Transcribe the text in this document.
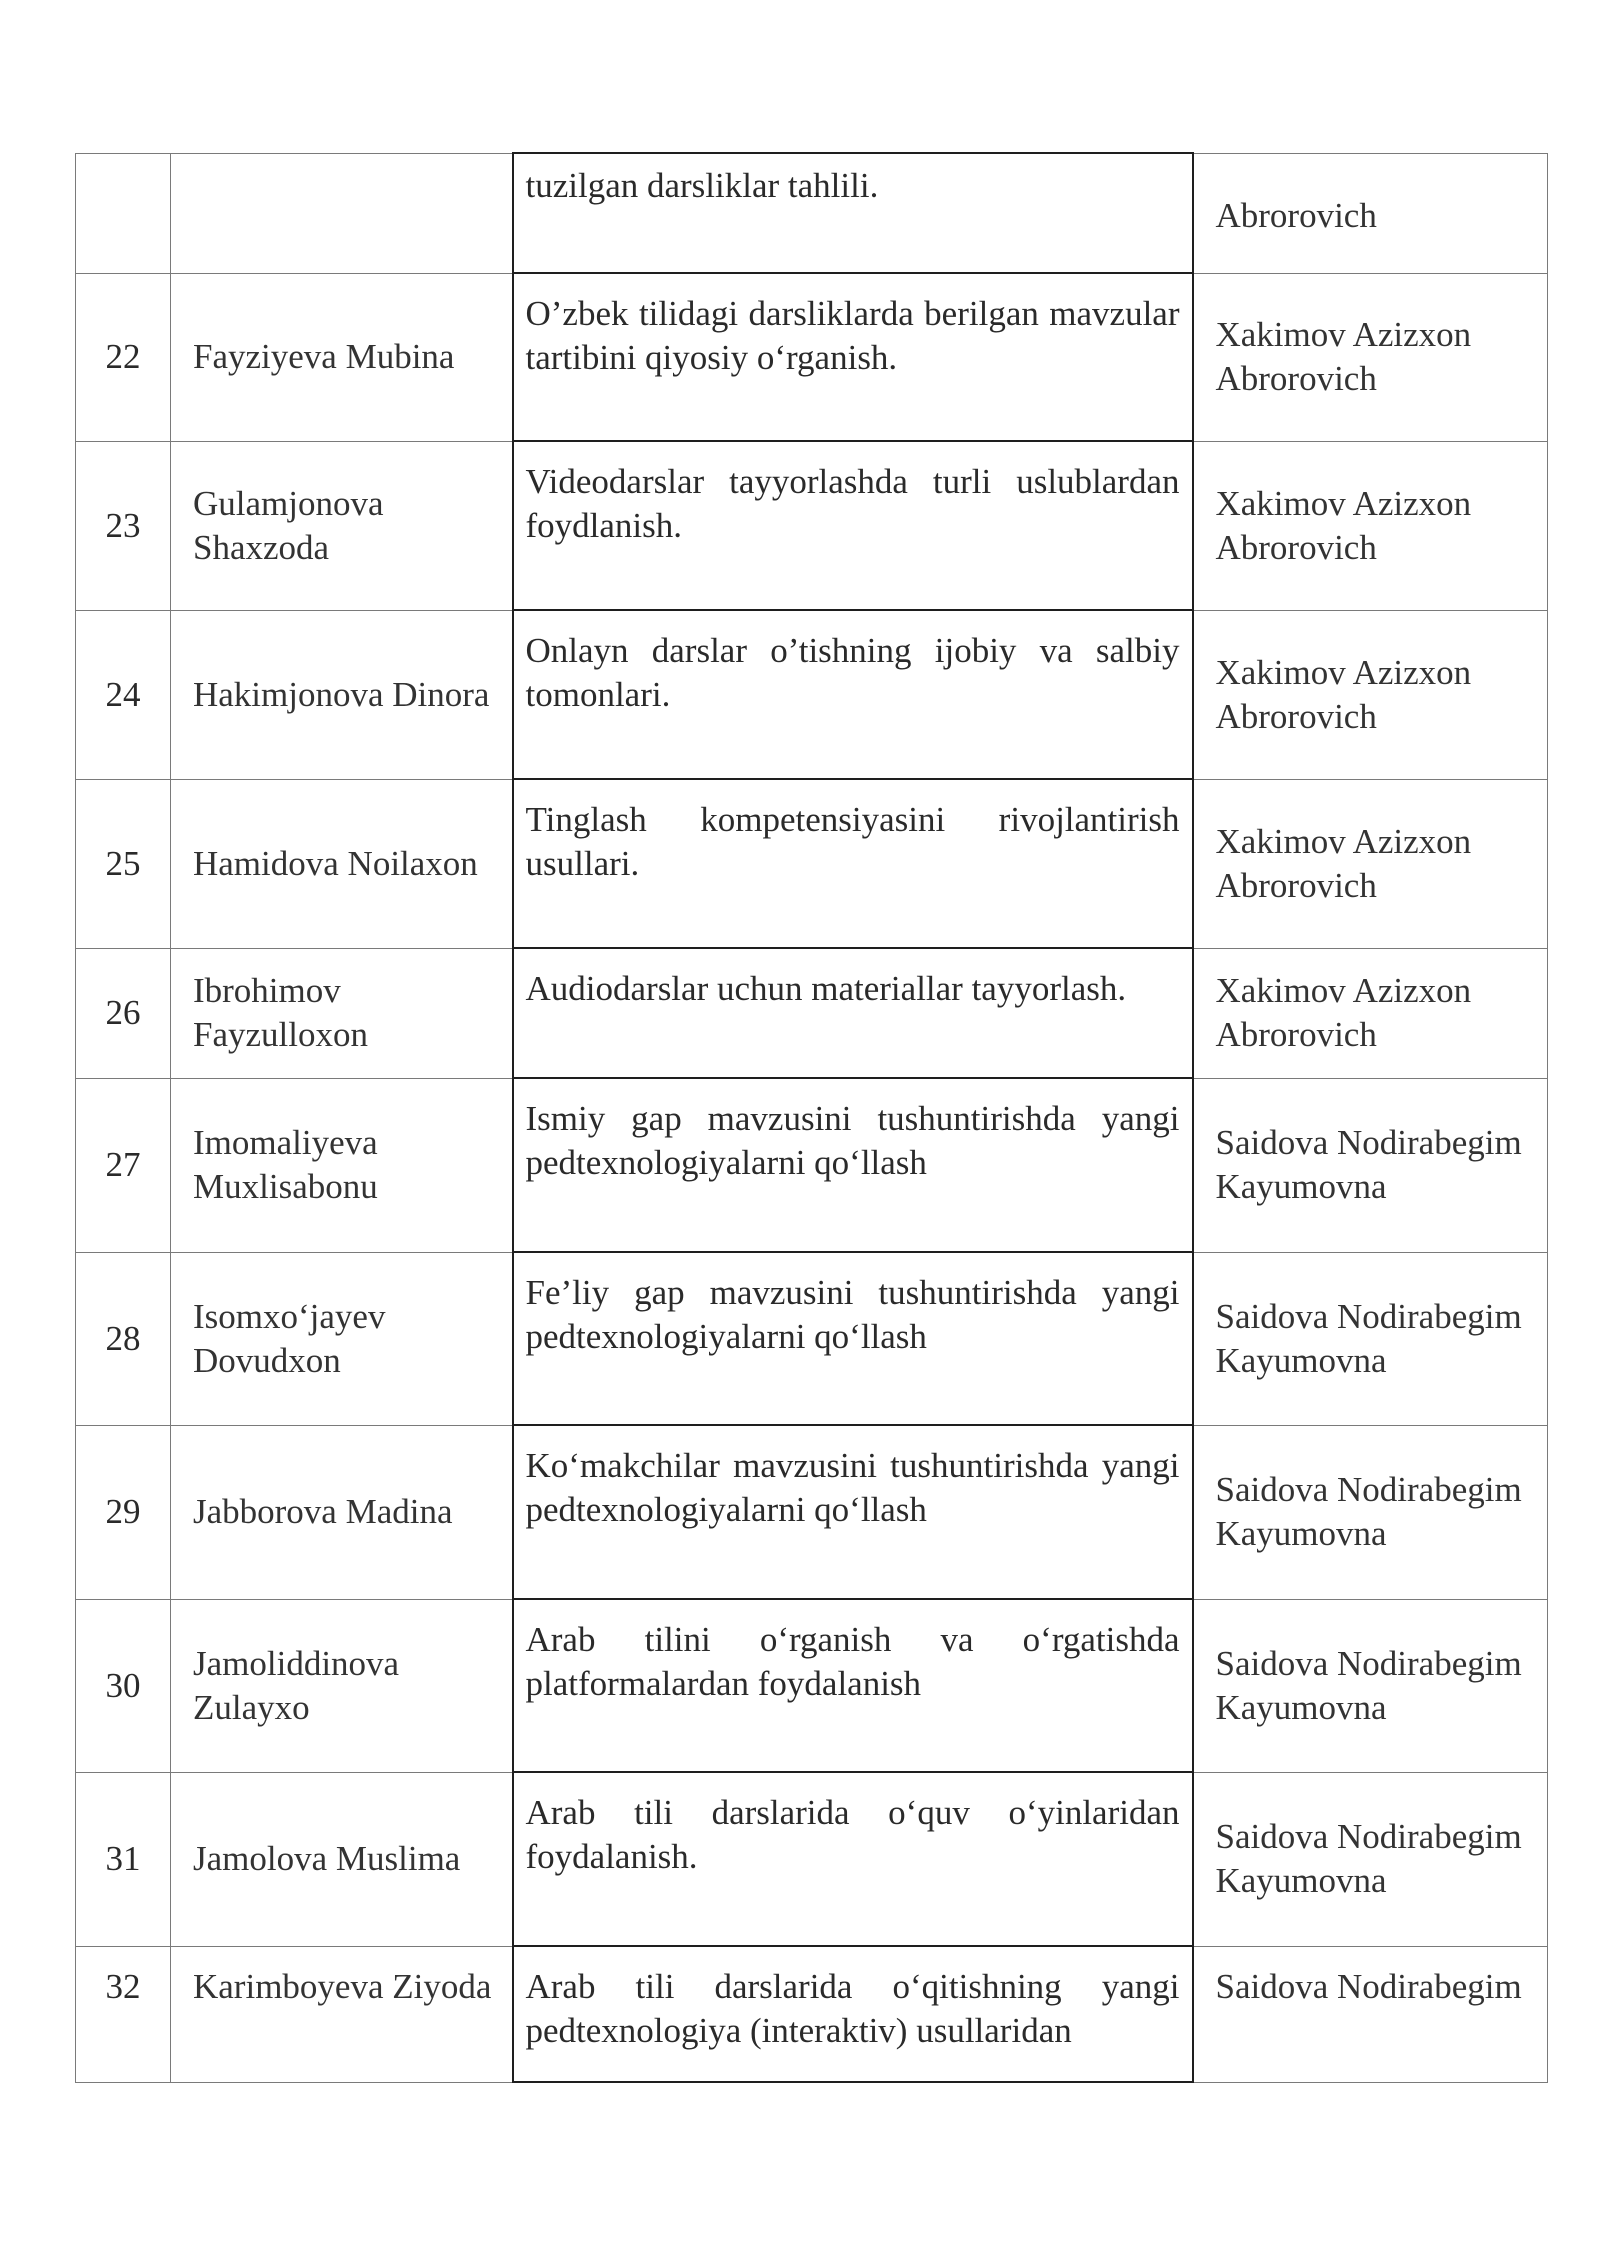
		tuzilgan darsliklar tahlili.	Abrorovich

22	Fayziyeva Mubina	O’zbek tilidagi darsliklarda berilgan mavzular tartibini qiyosiy o‘rganish.	Xakimov Azizxon Abrorovich

23	Gulamjonova Shaxzoda	Videodarslar tayyorlashda turli uslublardan foydlanish.	Xakimov Azizxon Abrorovich

24	Hakimjonova Dinora	Onlayn darslar o’tishning ijobiy va salbiy tomonlari.	Xakimov Azizxon Abrorovich

25	Hamidova Noilaxon	Tinglash kompetensiyasini rivojlantirish usullari.	Xakimov Azizxon Abrorovich

26	Ibrohimov Fayzulloxon	Audiodarslar uchun materiallar tayyorlash.	Xakimov Azizxon Abrorovich

27	Imomaliyeva Muxlisabonu	Ismiy gap mavzusini tushuntirishda yangi pedtexnologiyalarni qo‘llash	Saidova Nodirabegim Kayumovna

28	Isomxo‘jayev Dovudxon	Fe’liy gap mavzusini tushuntirishda yangi pedtexnologiyalarni qo‘llash	Saidova Nodirabegim Kayumovna

29	Jabborova Madina	Ko‘makchilar mavzusini tushuntirishda yangi pedtexnologiyalarni qo‘llash	Saidova Nodirabegim Kayumovna

30	Jamoliddinova Zulayxo	Arab tilini o‘rganish va o‘rgatishda platformalardan foydalanish	Saidova Nodirabegim Kayumovna

31	Jamolova Muslima	Arab tili darslarida o‘quv o‘yinlaridan foydalanish.	Saidova Nodirabegim Kayumovna

32	Karimboyeva Ziyoda	Arab tili darslarida o‘qitishning yangi pedtexnologiya (interaktiv) usullaridan	Saidova Nodirabegim
